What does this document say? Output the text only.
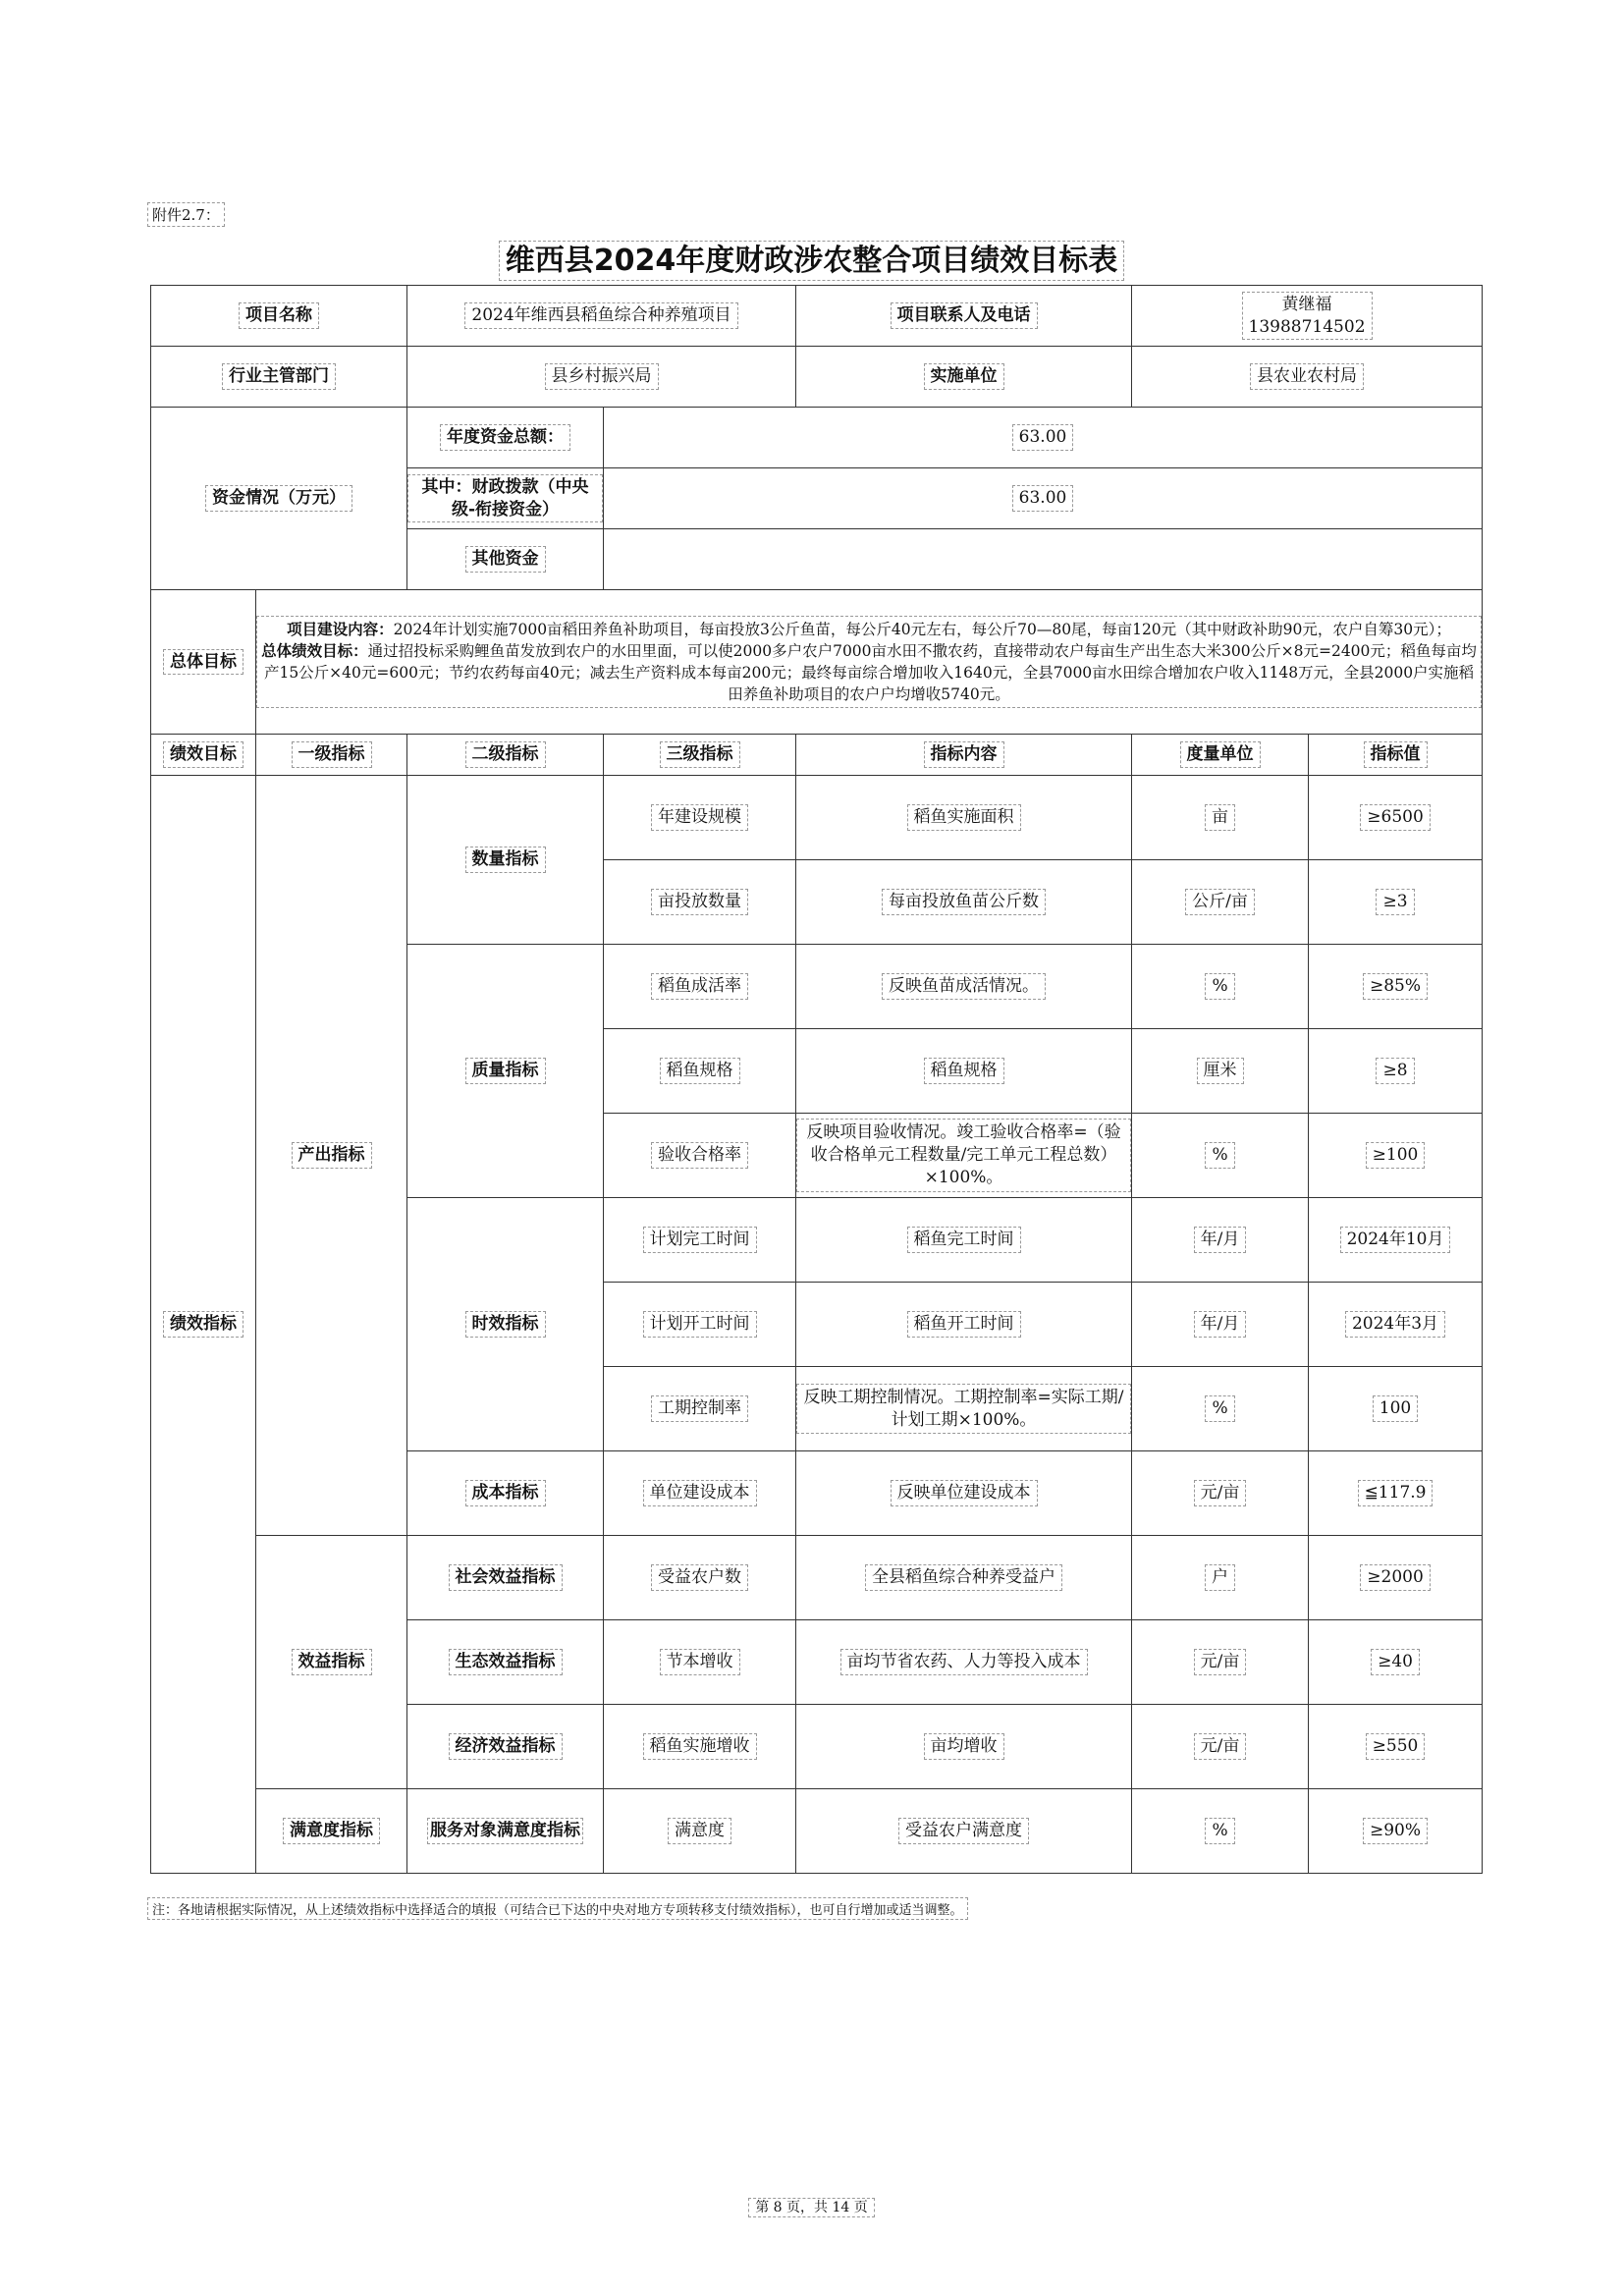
附件2.7：
维西县2024年度财政涉农整合项目绩效目标表
项目名称		2024年维西县稻鱼综合种养殖项目		项目联系人及电话	黄继福
13988714502	
行业主管部门		县乡村振兴局		实施单位	县农业农村局	
资金情况（万元）		年度资金总额：	63.00			
		其中：财政拨款（中央级-衔接资金）	63.00			
		其他资金				
总体目标	项目建设内容：2024年计划实施7000亩稻田养鱼补助项目，每亩投放3公斤鱼苗，每公斤40元左右，每公斤70—80尾，每亩120元（其中财政补助90元，农户自筹30元）；
总体绩效目标：通过招投标采购鲤鱼苗发放到农户的水田里面，可以使2000多户农户7000亩水田不撒农药，直接带动农户每亩生产出生态大米300公斤×8元=2400元；稻鱼每亩均产15公斤×40元=600元；节约农药每亩40元；减去生产资料成本每亩200元；最终每亩综合增加收入1640元，全县7000亩水田综合增加农户收入1148万元，全县2000户实施稻田养鱼补助项目的农户户均增收5740元。					

绩效目标	一级指标	二级指标	三级指标	指标内容	度量单位	指标值
绩效指标	产出指标	数量指标	年建设规模	稻鱼实施面积	亩	≥6500
			亩投放数量	每亩投放鱼苗公斤数	公斤/亩	≥3
		质量指标	稻鱼成活率	反映鱼苗成活情况。	%	≥85%
			稻鱼规格	稻鱼规格	厘米	≥8
			验收合格率	反映项目验收情况。竣工验收合格率=（验收合格单元工程数量/完工单元工程总数）×100%。	%	≥100
		时效指标	计划完工时间	稻鱼完工时间	年/月	2024年10月
			计划开工时间	稻鱼开工时间	年/月	2024年3月
			工期控制率	反映工期控制情况。工期控制率=实际工期/计划工期×100%。	%	100
		成本指标	单位建设成本	反映单位建设成本	元/亩	≦117.9
	效益指标	社会效益指标	受益农户数	全县稻鱼综合种养受益户	户	≥2000
		生态效益指标	节本增收	亩均节省农药、人力等投入成本	元/亩	≥40
		经济效益指标	稻鱼实施增收	亩均增收	元/亩	≥550
	满意度指标	服务对象满意度指标	满意度	受益农户满意度	%	≥90%
注：各地请根据实际情况，从上述绩效指标中选择适合的填报（可结合已下达的中央对地方专项转移支付绩效指标），也可自行增加或适当调整。
第 8 页，共 14 页
